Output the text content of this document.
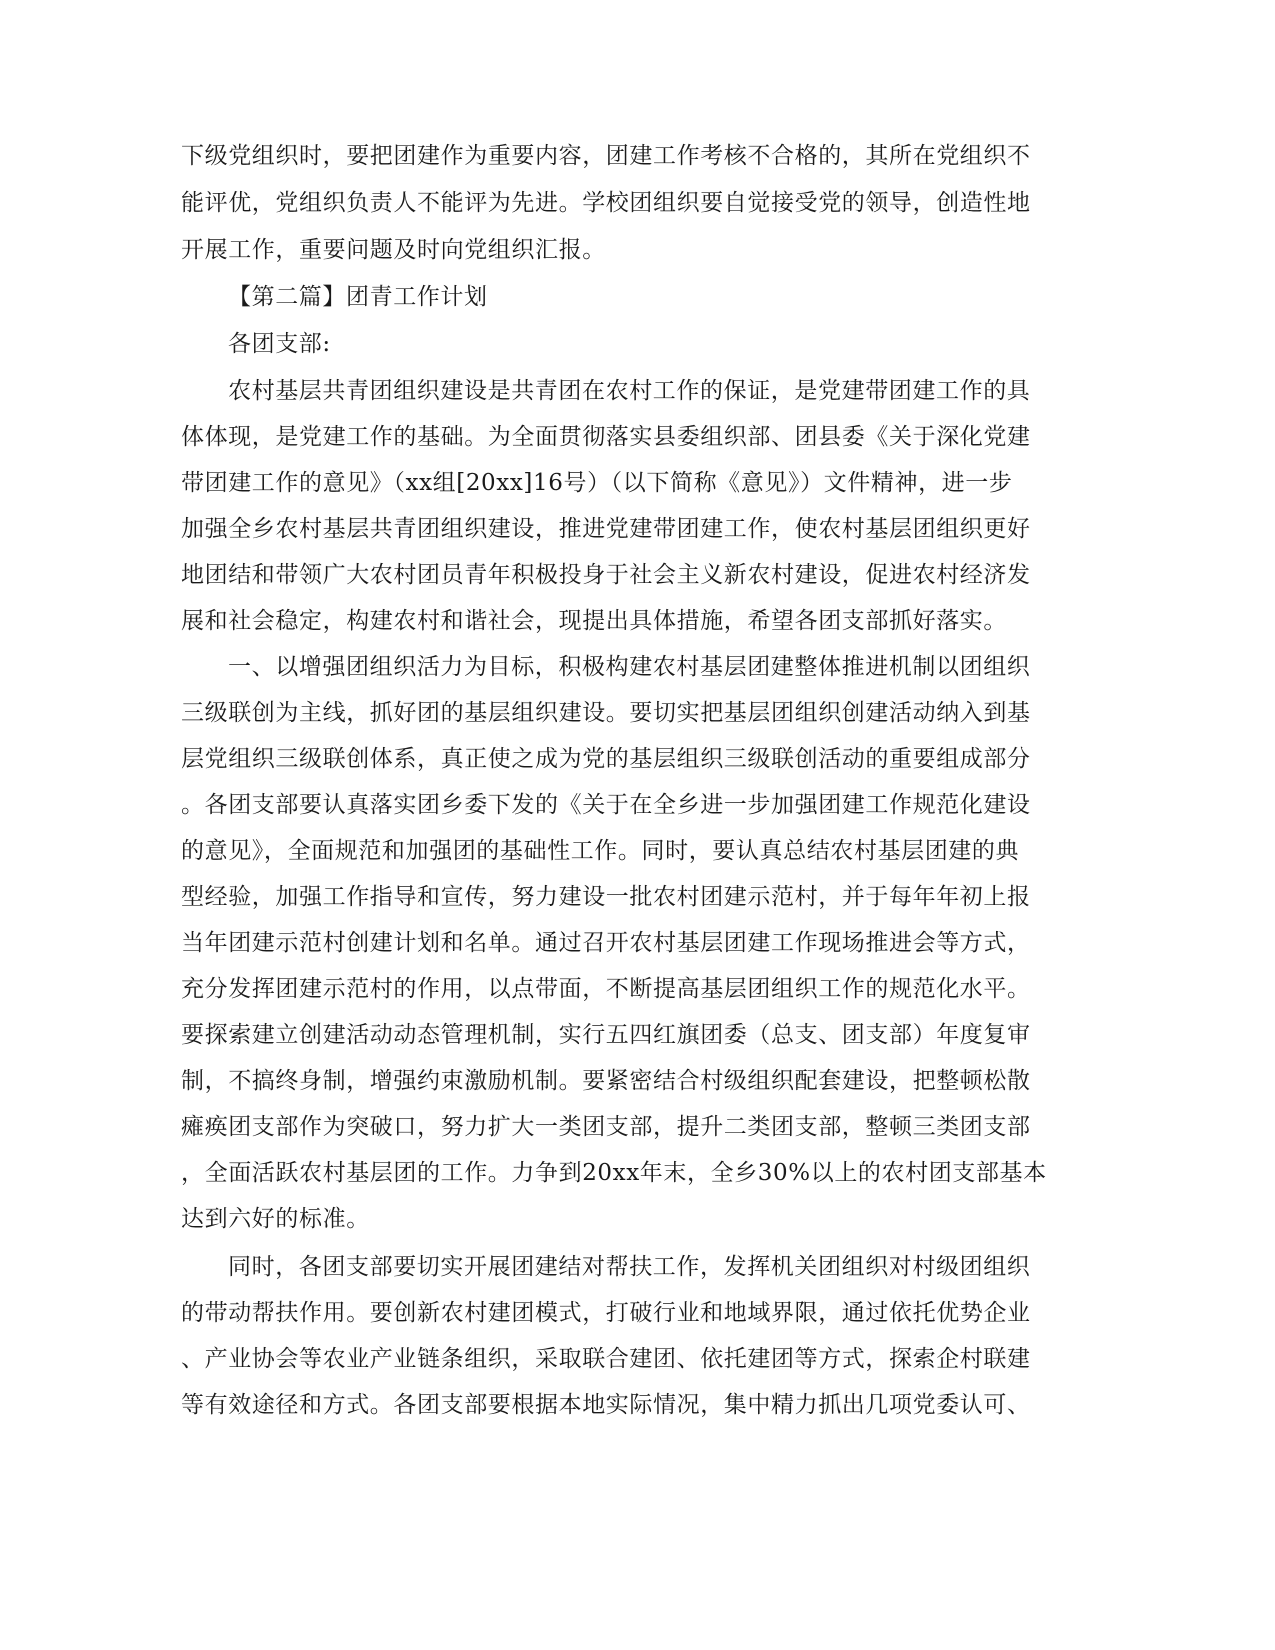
下级党组织时，要把团建作为重要内容，团建工作考核不合格的，其所在党组织不
能评优，党组织负责人不能评为先进。学校团组织要自觉接受党的领导，创造性地
开展工作，重要问题及时向党组织汇报。
【第二篇】团青工作计划
各团支部:
农村基层共青团组织建设是共青团在农村工作的保证，是党建带团建工作的具
体体现，是党建工作的基础。为全面贯彻落实县委组织部、团县委《关于深化党建
带团建工作的意见》（xx组[20xx]16号）（以下简称《意见》）文件精神，进一步
加强全乡农村基层共青团组织建设，推进党建带团建工作，使农村基层团组织更好
地团结和带领广大农村团员青年积极投身于社会主义新农村建设，促进农村经济发
展和社会稳定，构建农村和谐社会，现提出具体措施，希望各团支部抓好落实。
一、以增强团组织活力为目标，积极构建农村基层团建整体推进机制以团组织
三级联创为主线，抓好团的基层组织建设。要切实把基层团组织创建活动纳入到基
层党组织三级联创体系，真正使之成为党的基层组织三级联创活动的重要组成部分
。各团支部要认真落实团乡委下发的《关于在全乡进一步加强团建工作规范化建设
的意见》，全面规范和加强团的基础性工作。同时，要认真总结农村基层团建的典
型经验，加强工作指导和宣传，努力建设一批农村团建示范村，并于每年年初上报
当年团建示范村创建计划和名单。通过召开农村基层团建工作现场推进会等方式，
充分发挥团建示范村的作用，以点带面，不断提高基层团组织工作的规范化水平。
要探索建立创建活动动态管理机制，实行五四红旗团委（总支、团支部）年度复审
制，不搞终身制，增强约束激励机制。要紧密结合村级组织配套建设，把整顿松散
瘫痪团支部作为突破口，努力扩大一类团支部，提升二类团支部，整顿三类团支部
，全面活跃农村基层团的工作。力争到20xx年末，全乡30%以上的农村团支部基本
达到六好的标准。
同时，各团支部要切实开展团建结对帮扶工作，发挥机关团组织对村级团组织
的带动帮扶作用。要创新农村建团模式，打破行业和地域界限，通过依托优势企业
、产业协会等农业产业链条组织，采取联合建团、依托建团等方式，探索企村联建
等有效途径和方式。各团支部要根据本地实际情况，集中精力抓出几项党委认可、
